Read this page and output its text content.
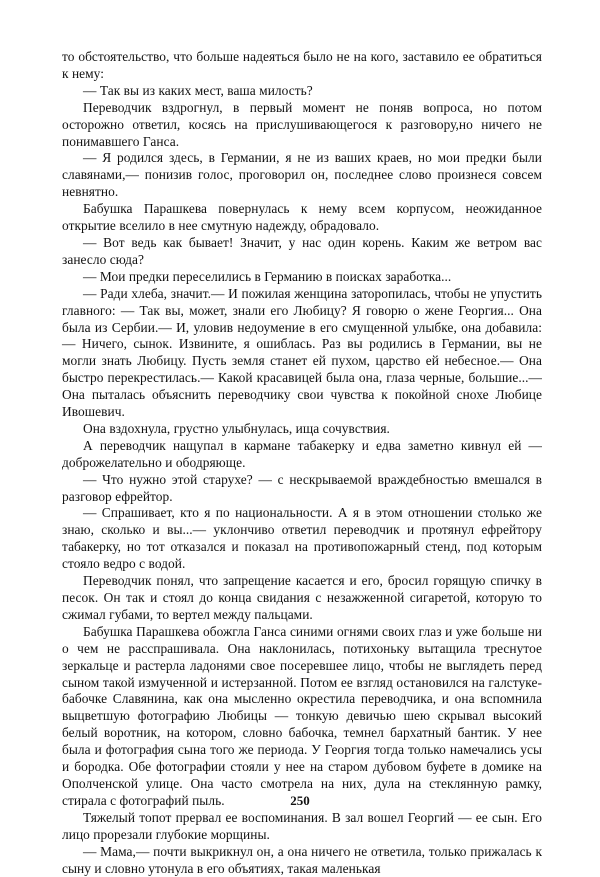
то обстоятельство, что больше надеяться было не на кого, заставило ее обратиться к нему:

— Так вы из каких мест, ваша милость?

Переводчик вздрогнул, в первый момент не поняв вопроса, но потом осторожно ответил, косясь на прислушивающегося к разговору,но ничего не понимавшего Ганса.

— Я родился здесь, в Германии, я не из ваших краев, но мои предки были славянами,— понизив голос, проговорил он, последнее слово произнеся совсем невнятно.

Бабушка Парашкева повернулась к нему всем корпусом, неожиданное открытие вселило в нее смутную надежду, обрадовало.

— Вот ведь как бывает! Значит, у нас один корень. Каким же ветром вас занесло сюда?

— Мои предки переселились в Германию в поисках заработка...

— Ради хлеба, значит.— И пожилая женщина заторопилась, чтобы не упустить главного: — Так вы, может, знали его Любицу? Я говорю о жене Георгия... Она была из Сербии.— И, уловив недоумение в его смущенной улыбке, она добавила: — Ничего, сынок. Извините, я ошиблась. Раз вы родились в Германии, вы не могли знать Любицу. Пусть земля станет ей пухом, царство ей небесное.— Она быстро перекрестилась.— Какой красавицей была она, глаза черные, большие...— Она пыталась объяснить переводчику свои чувства к покойной снохе Любице Ивошевич.

Она вздохнула, грустно улыбнулась, ища сочувствия.

А переводчик нащупал в кармане табакерку и едва заметно кивнул ей — доброжелательно и ободряюще.

— Что нужно этой старухе? — с нескрываемой враждебностью вмешался в разговор ефрейтор.

— Спрашивает, кто я по национальности. А я в этом отношении столько же знаю, сколько и вы...— уклончиво ответил переводчик и протянул ефрейтору табакерку, но тот отказался и показал на противопожарный стенд, под которым стояло ведро с водой.

Переводчик понял, что запрещение касается и его, бросил горящую спичку в песок. Он так и стоял до конца свидания с незажженной сигаретой, которую то сжимал губами, то вертел между пальцами.

Бабушка Парашкева обожгла Ганса синими огнями своих глаз и уже больше ни о чем не расспрашивала. Она наклонилась, потихоньку вытащила треснутое зеркальце и растерла ладонями свое посеревшее лицо, чтобы не выглядеть перед сыном такой измученной и истерзанной. Потом ее взгляд остановился на галстуке-бабочке Славянина, как она мысленно окрестила переводчика, и она вспомнила выцветшую фотографию Любицы — тонкую девичью шею скрывал высокий белый воротник, на котором, словно бабочка, темнел бархатный бантик. У нее была и фотография сына того же периода. У Георгия тогда только намечались усы и бородка. Обе фотографии стояли у нее на старом дубовом буфете в домике на Ополченской улице. Она часто смотрела на них, дула на стеклянную рамку, стирала с фотографий пыль.

Тяжелый топот прервал ее воспоминания. В зал вошел Георгий — ее сын. Его лицо прорезали глубокие морщины.

— Мама,— почти выкрикнул он, а она ничего не ответила, только прижалась к сыну и словно утонула в его объятиях, такая маленькая

250
